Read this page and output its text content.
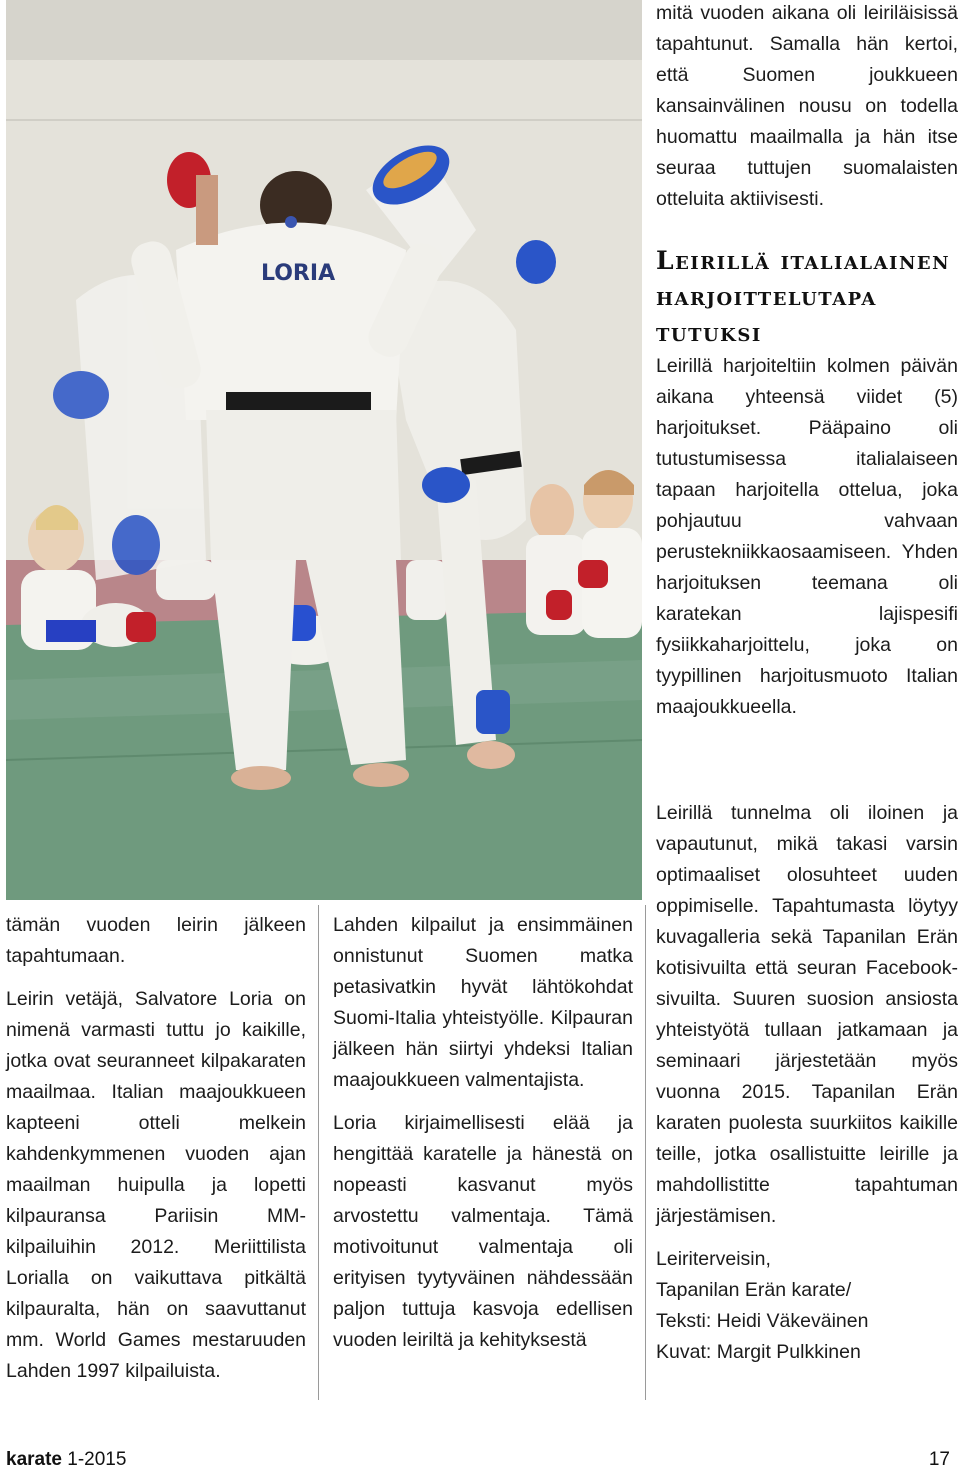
LORIA

tämän vuoden leirin jälkeen tapahtumaan.

Leirin vetäjä, Salvatore Loria on nimenä varmasti tuttu jo kaikille, jotka ovat seuranneet kilpakaraten maailmaa. Italian maajoukkueen kapteeni otteli melkein kahdenkymmenen vuoden ajan maailman huipulla ja lopetti kilpauransa Pariisin MM-kilpailuihin 2012. Meriittilista Lorialla on vaikuttava pitkältä kilpauralta, hän on saavuttanut mm. World Games mestaruuden Lahden 1997 kilpailuista.

Lahden kilpailut ja ensimmäinen onnistunut Suomen matka petasivatkin hyvät lähtökohdat Suomi-Italia yhteistyölle. Kilpauran jälkeen hän siirtyi yhdeksi Italian maajoukkueen valmentajista.

Loria kirjaimellisesti elää ja hengittää karatelle ja hänestä on nopeasti kasvanut myös arvostettu valmentaja. Tämä motivoitunut valmentaja oli erityisen tyytyväinen nähdessään paljon tuttuja kasvoja edellisen vuoden leiriltä ja kehityksestä

mitä vuoden aikana oli leiriläisissä tapahtunut. Samalla hän kertoi, että Suomen joukkueen kansainvälinen nousu on todella huomattu maailmalla ja hän itse seuraa tuttujen suomalaisten otteluita aktiivisesti.

Leirillä italialainen harjoittelutapa tutuksi

Leirillä harjoiteltiin kolmen päivän aikana yhteensä viidet (5) harjoitukset. Pääpaino oli tutustumisessa italialaiseen tapaan harjoitella ottelua, joka pohjautuu vahvaan perustekniikkaosaamiseen. Yhden harjoituksen teemana oli karatekan lajispesifi fysiikkaharjoittelu, joka on tyypillinen harjoitusmuoto Italian maajoukkueella.

Leirillä tunnelma oli iloinen ja vapautunut, mikä takasi varsin optimaaliset olosuhteet uuden oppimiselle. Tapahtumasta löytyy kuvagalleria sekä Tapanilan Erän kotisivuilta että seuran Facebook-sivuilta. Suuren suosion ansiosta yhteistyötä tullaan jatkamaan ja seminaari järjestetään myös vuonna 2015. Tapanilan Erän karaten puolesta suurkiitos kaikille teille, jotka osallistuitte leirille ja mahdollistitte tapahtuman järjestämisen.

Leiriterveisin,

Tapanilan Erän karate/

Teksti: Heidi Väkeväinen

Kuvat: Margit Pulkkinen

karate 1-2015	17
